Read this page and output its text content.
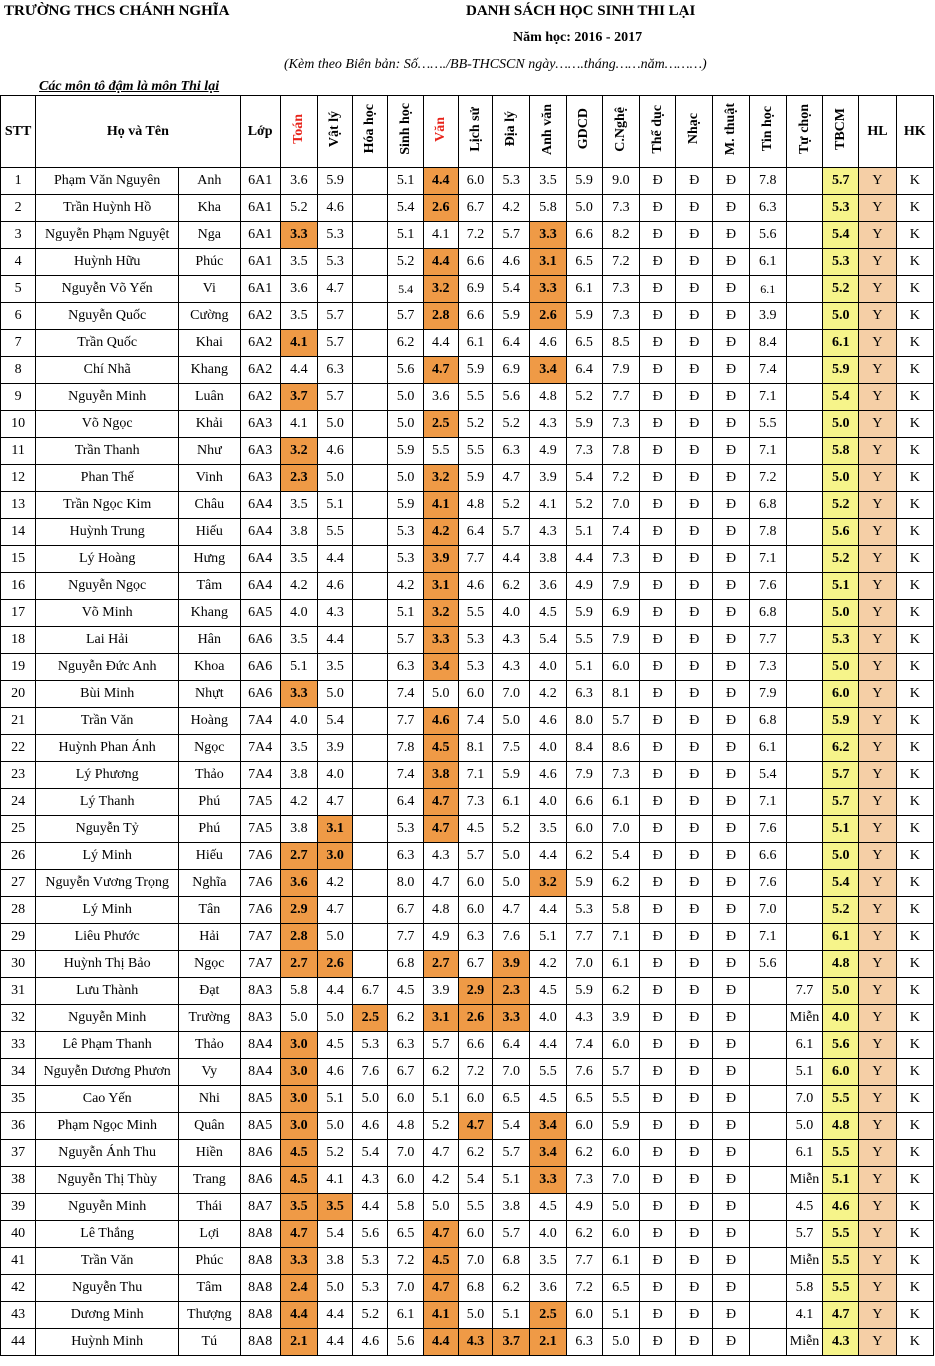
TRƯỜNG THCS CHÁNH NGHĨA	DANH SÁCH HỌC SINH THI LẠI
Năm học: 2016 - 2017
(Kèm theo Biên bản: Số……./BB-THCSCN ngày…….tháng……năm………)
Các môn tô đậm là môn Thi lại
STT	Họ và Tên		Lớp	Toán	Vật lý	Hóa học	Sinh học	Văn	Lịch sử	Địa lý	Anh văn	GDCD	C.Nghệ	Thể dục	Nhạc	M. thuật	Tin học	Tự chọn	TBCM	HL	HK
1	Phạm Văn Nguyên	Anh	6A1	3.6	5.9		5.1	4.4	6.0	5.3	3.5	5.9	9.0	Đ	Đ	Đ	7.8		5.7	Y	K
2	Trần Huỳnh Hồ	Kha	6A1	5.2	4.6		5.4	2.6	6.7	4.2	5.8	5.0	7.3	Đ	Đ	Đ	6.3		5.3	Y	K
3	Nguyễn Phạm Nguyệt	Nga	6A1	3.3	5.3		5.1	4.1	7.2	5.7	3.3	6.6	8.2	Đ	Đ	Đ	5.6		5.4	Y	K
4	Huỳnh Hữu	Phúc	6A1	3.5	5.3		5.2	4.4	6.6	4.6	3.1	6.5	7.2	Đ	Đ	Đ	6.1		5.3	Y	K
5	Nguyễn Võ Yến	Vi	6A1	3.6	4.7		5.4	3.2	6.9	5.4	3.3	6.1	7.3	Đ	Đ	Đ	6.1		5.2	Y	K
6	Nguyễn Quốc	Cường	6A2	3.5	5.7		5.7	2.8	6.6	5.9	2.6	5.9	7.3	Đ	Đ	Đ	3.9		5.0	Y	K
7	Trần Quốc	Khai	6A2	4.1	5.7		6.2	4.4	6.1	6.4	4.6	6.5	8.5	Đ	Đ	Đ	8.4		6.1	Y	K
8	Chí Nhã	Khang	6A2	4.4	6.3		5.6	4.7	5.9	6.9	3.4	6.4	7.9	Đ	Đ	Đ	7.4		5.9	Y	K
9	Nguyễn Minh	Luân	6A2	3.7	5.7		5.0	3.6	5.5	5.6	4.8	5.2	7.7	Đ	Đ	Đ	7.1		5.4	Y	K
10	Võ Ngọc	Khải	6A3	4.1	5.0		5.0	2.5	5.2	5.2	4.3	5.9	7.3	Đ	Đ	Đ	5.5		5.0	Y	K
11	Trần Thanh	Như	6A3	3.2	4.6		5.9	5.5	5.5	6.3	4.9	7.3	7.8	Đ	Đ	Đ	7.1		5.8	Y	K
12	Phan Thế	Vinh	6A3	2.3	5.0		5.0	3.2	5.9	4.7	3.9	5.4	7.2	Đ	Đ	Đ	7.2		5.0	Y	K
13	Trần Ngọc Kim	Châu	6A4	3.5	5.1		5.9	4.1	4.8	5.2	4.1	5.2	7.0	Đ	Đ	Đ	6.8		5.2	Y	K
14	Huỳnh Trung	Hiếu	6A4	3.8	5.5		5.3	4.2	6.4	5.7	4.3	5.1	7.4	Đ	Đ	Đ	7.8		5.6	Y	K
15	Lý Hoàng	Hưng	6A4	3.5	4.4		5.3	3.9	7.7	4.4	3.8	4.4	7.3	Đ	Đ	Đ	7.1		5.2	Y	K
16	Nguyễn Ngọc	Tâm	6A4	4.2	4.6		4.2	3.1	4.6	6.2	3.6	4.9	7.9	Đ	Đ	Đ	7.6		5.1	Y	K
17	Võ Minh	Khang	6A5	4.0	4.3		5.1	3.2	5.5	4.0	4.5	5.9	6.9	Đ	Đ	Đ	6.8		5.0	Y	K
18	Lai Hải	Hân	6A6	3.5	4.4		5.7	3.3	5.3	4.3	5.4	5.5	7.9	Đ	Đ	Đ	7.7		5.3	Y	K
19	Nguyễn Đức Anh	Khoa	6A6	5.1	3.5		6.3	3.4	5.3	4.3	4.0	5.1	6.0	Đ	Đ	Đ	7.3		5.0	Y	K
20	Bùi Minh	Nhựt	6A6	3.3	5.0		7.4	5.0	6.0	7.0	4.2	6.3	8.1	Đ	Đ	Đ	7.9		6.0	Y	K
21	Trần Văn	Hoàng	7A4	4.0	5.4		7.7	4.6	7.4	5.0	4.6	8.0	5.7	Đ	Đ	Đ	6.8		5.9	Y	K
22	Huỳnh Phan Ánh	Ngọc	7A4	3.5	3.9		7.8	4.5	8.1	7.5	4.0	8.4	8.6	Đ	Đ	Đ	6.1		6.2	Y	K
23	Lý Phương	Thảo	7A4	3.8	4.0		7.4	3.8	7.1	5.9	4.6	7.9	7.3	Đ	Đ	Đ	5.4		5.7	Y	K
24	Lý Thanh	Phú	7A5	4.2	4.7		6.4	4.7	7.3	6.1	4.0	6.6	6.1	Đ	Đ	Đ	7.1		5.7	Y	K
25	Nguyễn Tỷ	Phú	7A5	3.8	3.1		5.3	4.7	4.5	5.2	3.5	6.0	7.0	Đ	Đ	Đ	7.6		5.1	Y	K
26	Lý Minh	Hiếu	7A6	2.7	3.0		6.3	4.3	5.7	5.0	4.4	6.2	5.4	Đ	Đ	Đ	6.6		5.0	Y	K
27	Nguyễn Vương Trọng	Nghĩa	7A6	3.6	4.2		8.0	4.7	6.0	5.0	3.2	5.9	6.2	Đ	Đ	Đ	7.6		5.4	Y	K
28	Lý Minh	Tân	7A6	2.9	4.7		6.7	4.8	6.0	4.7	4.4	5.3	5.8	Đ	Đ	Đ	7.0		5.2	Y	K
29	Liêu Phước	Hải	7A7	2.8	5.0		7.7	4.9	6.3	7.6	5.1	7.7	7.1	Đ	Đ	Đ	7.1		6.1	Y	K
30	Huỳnh Thị Bảo	Ngọc	7A7	2.7	2.6		6.8	2.7	6.7	3.9	4.2	7.0	6.1	Đ	Đ	Đ	5.6		4.8	Y	K
31	Lưu Thành	Đạt	8A3	5.8	4.4	6.7	4.5	3.9	2.9	2.3	4.5	5.9	6.2	Đ	Đ	Đ		7.7	5.0	Y	K
32	Nguyễn Minh	Trường	8A3	5.0	5.0	2.5	6.2	3.1	2.6	3.3	4.0	4.3	3.9	Đ	Đ	Đ		Miễn	4.0	Y	K
33	Lê Phạm Thanh	Thảo	8A4	3.0	4.5	5.3	6.3	5.7	6.6	6.4	4.4	7.4	6.0	Đ	Đ	Đ		6.1	5.6	Y	K
34	Nguyễn Dương Phươn	Vy	8A4	3.0	4.6	7.6	6.7	6.2	7.2	7.0	5.5	7.6	5.7	Đ	Đ	Đ		5.1	6.0	Y	K
35	Cao Yến	Nhi	8A5	3.0	5.1	5.0	6.0	5.1	6.0	6.5	4.5	6.5	5.5	Đ	Đ	Đ		7.0	5.5	Y	K
36	Phạm Ngọc Minh	Quân	8A5	3.0	5.0	4.6	4.8	5.2	4.7	5.4	3.4	6.0	5.9	Đ	Đ	Đ		5.0	4.8	Y	K
37	Nguyễn Ánh Thu	Hiền	8A6	4.5	5.2	5.4	7.0	4.7	6.2	5.7	3.4	6.2	6.0	Đ	Đ	Đ		6.1	5.5	Y	K
38	Nguyễn Thị Thùy	Trang	8A6	4.5	4.1	4.3	6.0	4.2	5.4	5.1	3.3	7.3	7.0	Đ	Đ	Đ		Miễn	5.1	Y	K
39	Nguyễn Minh	Thái	8A7	3.5	3.5	4.4	5.8	5.0	5.5	3.8	4.5	4.9	5.0	Đ	Đ	Đ		4.5	4.6	Y	K
40	Lê Thắng	Lợi	8A8	4.7	5.4	5.6	6.5	4.7	6.0	5.7	4.0	6.2	6.0	Đ	Đ	Đ		5.7	5.5	Y	K
41	Trần Văn	Phúc	8A8	3.3	3.8	5.3	7.2	4.5	7.0	6.8	3.5	7.7	6.1	Đ	Đ	Đ		Miễn	5.5	Y	K
42	Nguyễn Thu	Tâm	8A8	2.4	5.0	5.3	7.0	4.7	6.8	6.2	3.6	7.2	6.5	Đ	Đ	Đ		5.8	5.5	Y	K
43	Dương Minh	Thượng	8A8	4.4	4.4	5.2	6.1	4.1	5.0	5.1	2.5	6.0	5.1	Đ	Đ	Đ		4.1	4.7	Y	K
44	Huỳnh Minh	Tú	8A8	2.1	4.4	4.6	5.6	4.4	4.3	3.7	2.1	6.3	5.0	Đ	Đ	Đ		Miễn	4.3	Y	K
